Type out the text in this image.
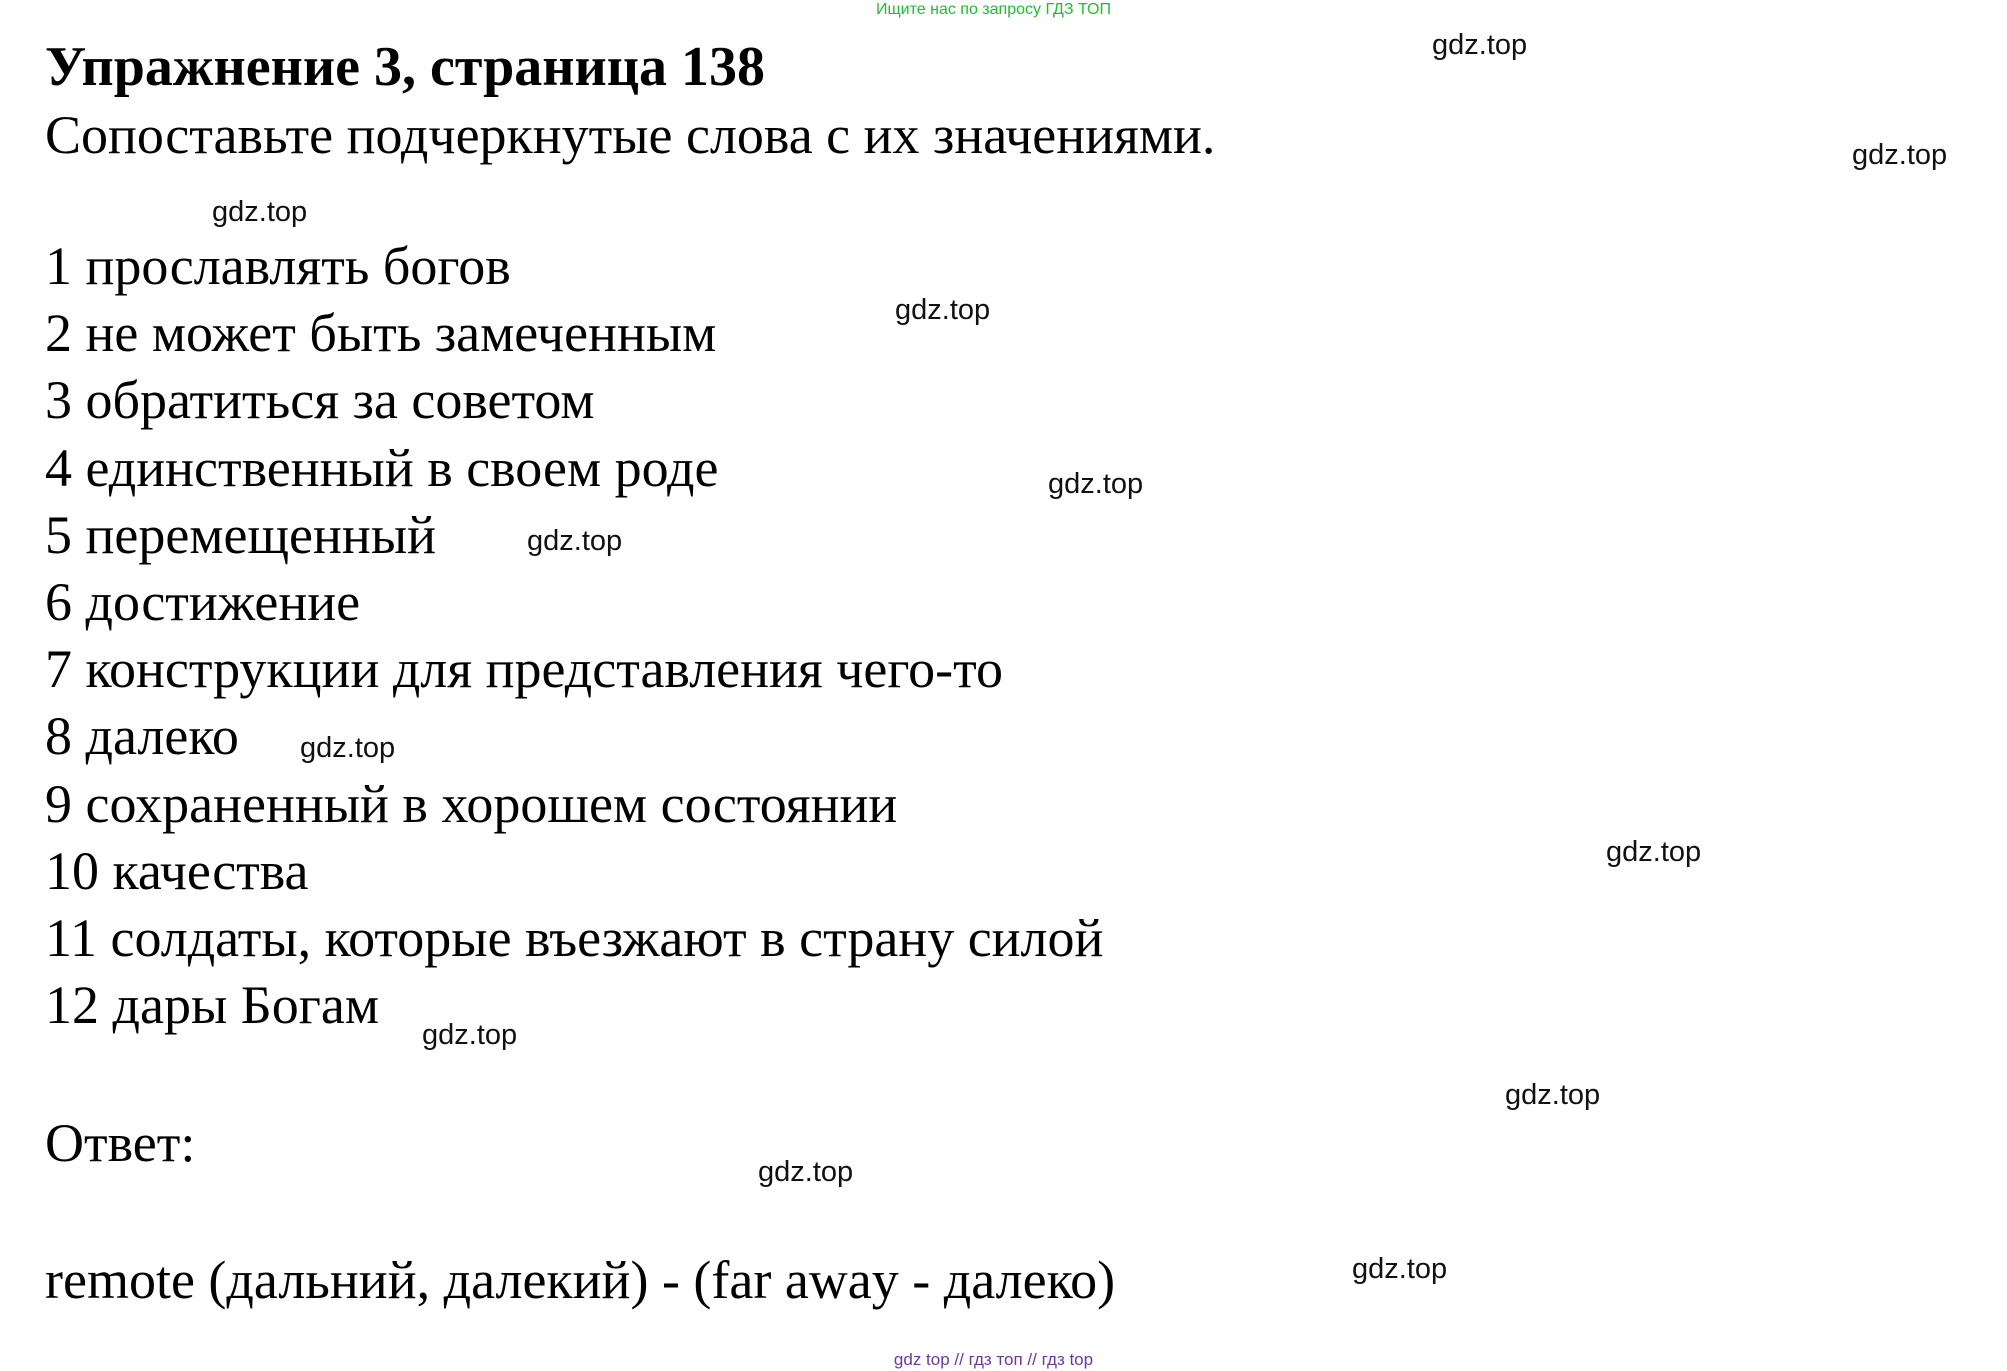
Ищите нас по запросу ГДЗ ТОП
Упражнение 3, страница 138
Сопоставьте подчеркнутые слова с их значениями.
1 прославлять богов
2 не может быть замеченным
3 обратиться за советом
4 единственный в своем роде
5 перемещенный
6 достижение
7 конструкции для представления чего-то
8 далеко
9 сохраненный в хорошем состоянии
10 качества
11 солдаты, которые въезжают в страну силой
12 дары Богам
Ответ:
remote (дальний, далекий) - (far away - далеко)
gdz.top
gdz.top
gdz.top
gdz.top
gdz.top
gdz.top
gdz.top
gdz.top
gdz.top
gdz.top
gdz.top
gdz.top
gdz top // гдз топ // гдз top
